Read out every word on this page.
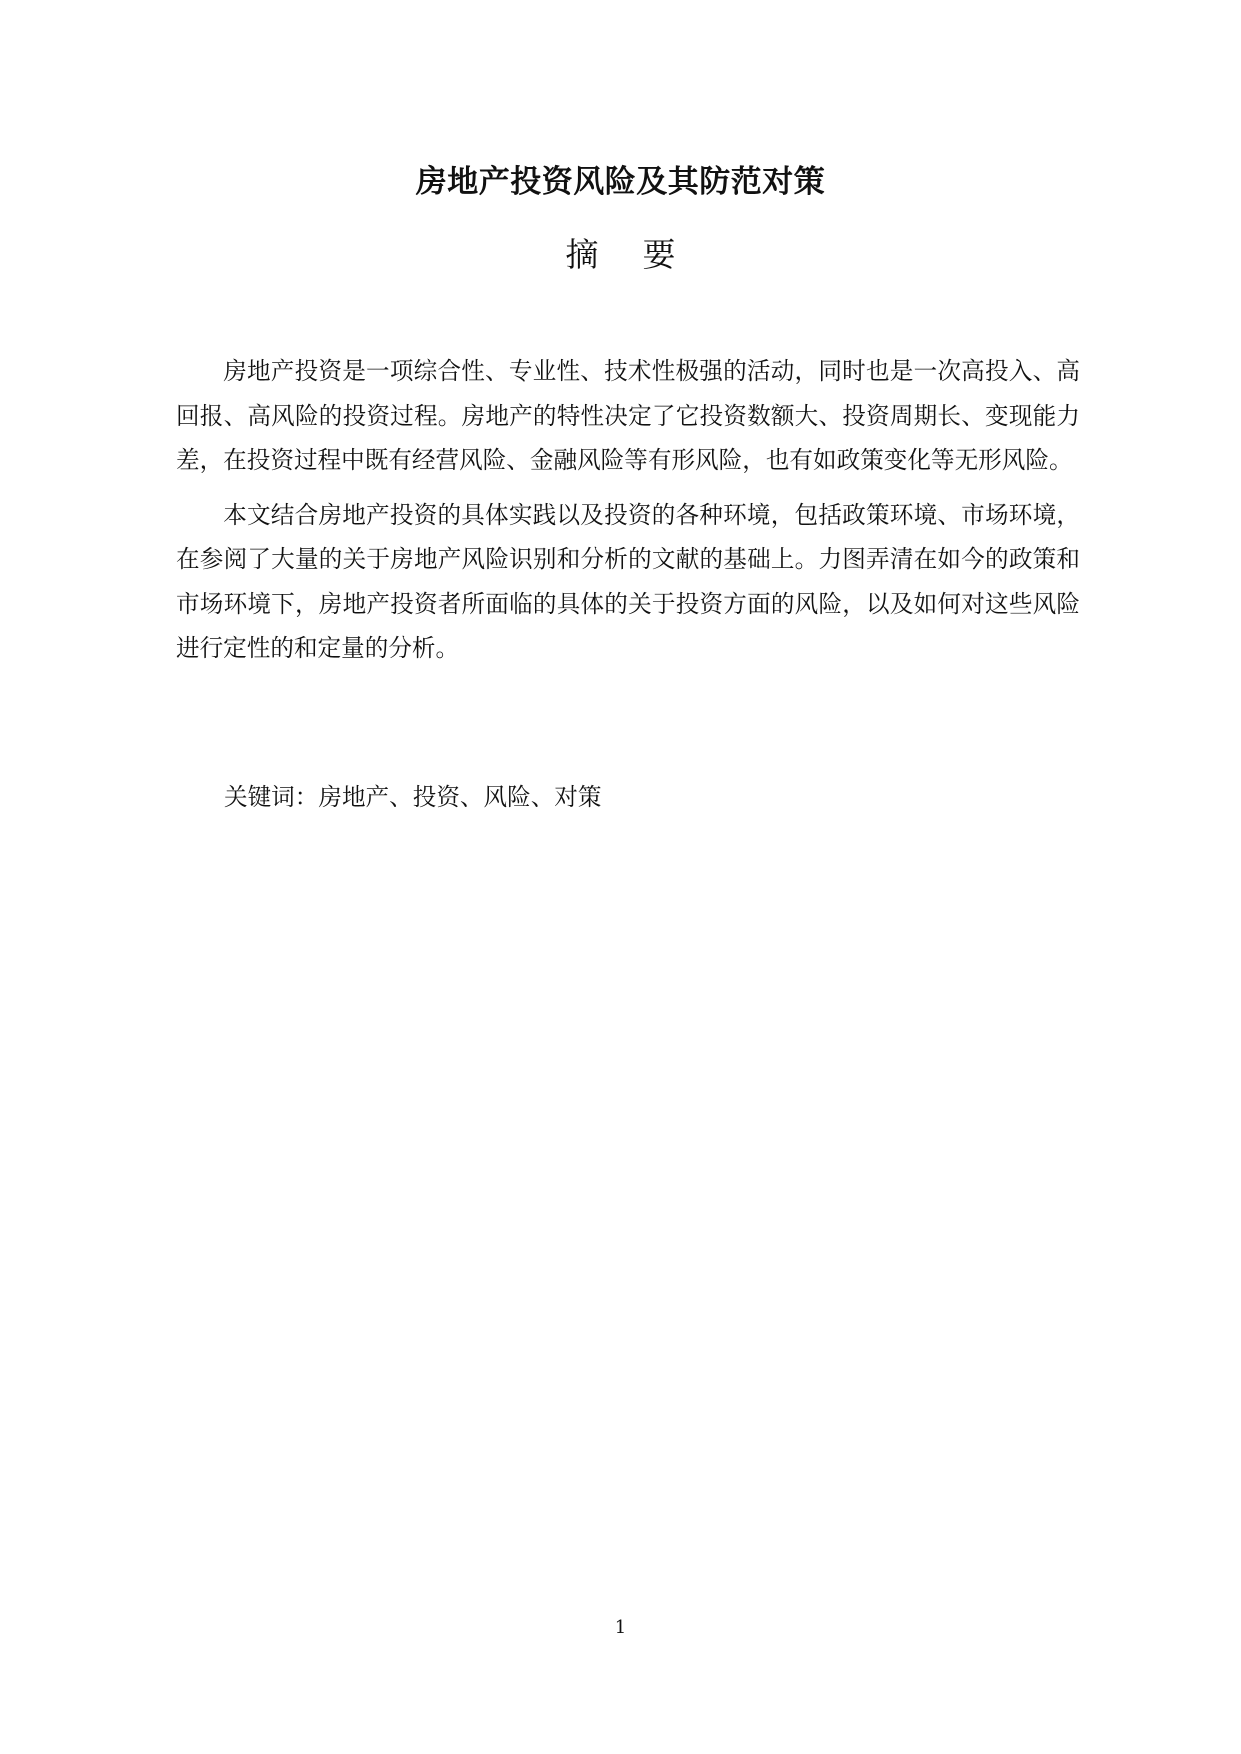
房地产投资风险及其防范对策
摘 要

房地产投资是一项综合性、专业性、技术性极强的活动，同时也是一次高投入、高回报、高风险的投资过程。房地产的特性决定了它投资数额大、投资周期长、变现能力差，在投资过程中既有经营风险、金融风险等有形风险，也有如政策变化等无形风险。

本文结合房地产投资的具体实践以及投资的各种环境，包括政策环境、市场环境，在参阅了大量的关于房地产风险识别和分析的文献的基础上。力图弄清在如今的政策和市场环境下，房地产投资者所面临的具体的关于投资方面的风险，以及如何对这些风险进行定性的和定量的分析。

关键词：房地产、投资、风险、对策
1
